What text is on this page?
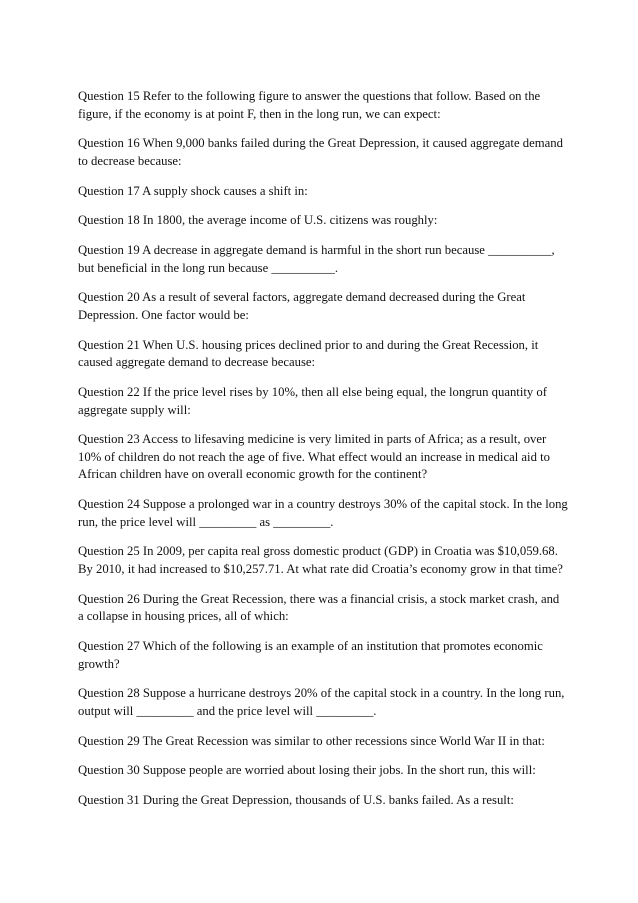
Question 15 Refer to the following figure to answer the questions that follow. Based on the figure, if the economy is at point F, then in the long run, we can expect:
Question 16 When 9,000 banks failed during the Great Depression, it caused aggregate demand to decrease because:
Question 17 A supply shock causes a shift in:
Question 18 In 1800, the average income of U.S. citizens was roughly:
Question 19 A decrease in aggregate demand is harmful in the short run because __________, but beneficial in the long run because __________.
Question 20 As a result of several factors, aggregate demand decreased during the Great Depression. One factor would be:
Question 21 When U.S. housing prices declined prior to and during the Great Recession, it caused aggregate demand to decrease because:
Question 22 If the price level rises by 10%, then all else being equal, the longrun quantity of aggregate supply will:
Question 23 Access to lifesaving medicine is very limited in parts of Africa; as a result, over 10% of children do not reach the age of five. What effect would an increase in medical aid to African children have on overall economic growth for the continent?
Question 24 Suppose a prolonged war in a country destroys 30% of the capital stock. In the long run, the price level will _________ as _________.
Question 25 In 2009, per capita real gross domestic product (GDP) in Croatia was $10,059.68. By 2010, it had increased to $10,257.71. At what rate did Croatia’s economy grow in that time?
Question 26 During the Great Recession, there was a financial crisis, a stock market crash, and a collapse in housing prices, all of which:
Question 27 Which of the following is an example of an institution that promotes economic growth?
Question 28 Suppose a hurricane destroys 20% of the capital stock in a country. In the long run, output will _________ and the price level will _________.
Question 29 The Great Recession was similar to other recessions since World War II in that:
Question 30 Suppose people are worried about losing their jobs. In the short run, this will:
Question 31 During the Great Depression, thousands of U.S. banks failed. As a result:
